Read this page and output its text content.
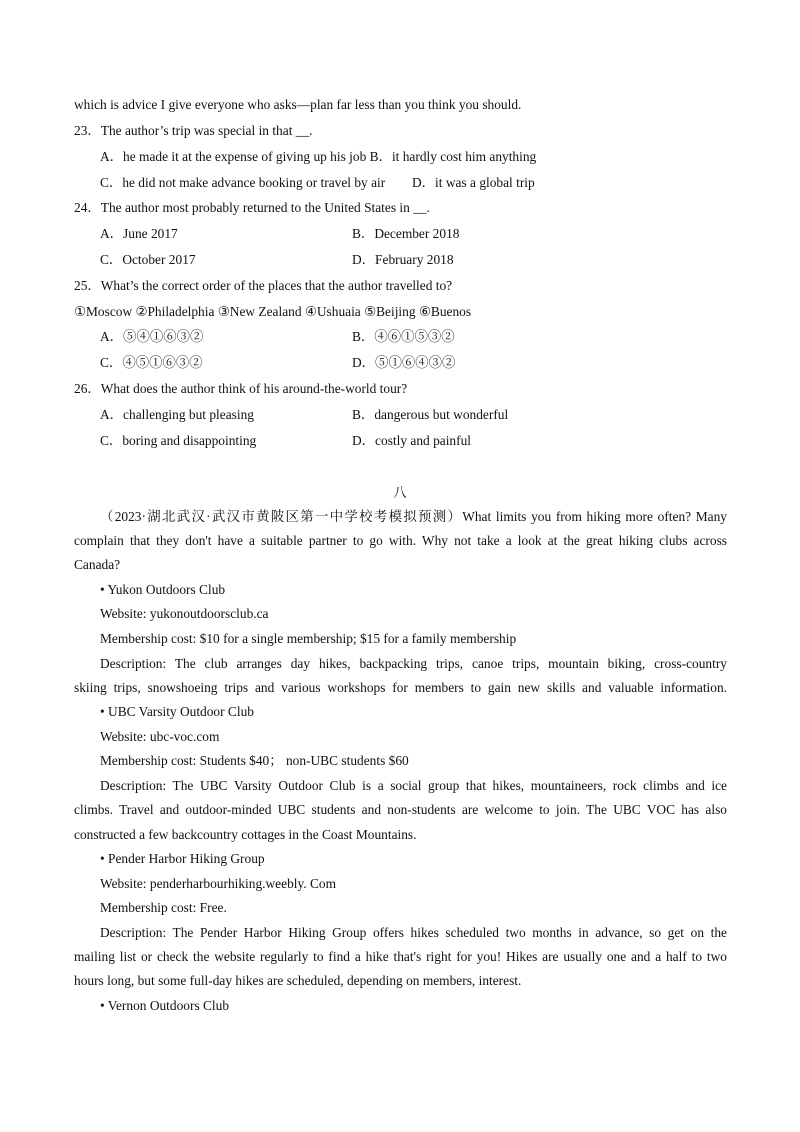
which is advice I give everyone who asks—plan far less than you think you should.
23．The author’s trip was special in that __.
A．he made it at the expense of giving up his job B．it hardly cost him anything
C．he did not make advance booking or travel by air D．it was a global trip
24．The author most probably returned to the United States in __.
A．June 2017	B．December 2018
C．October 2017	D．February 2018
25．What’s the correct order of the places that the author travelled to?
①Moscow ②Philadelphia ③New Zealand ④Ushuaia ⑤Beijing ⑥Buenos
A．⑤④①⑥③②	B．④⑥①⑤③②
C．④⑤①⑥③②	D．⑤①⑥④③②
26．What does the author think of his around-the-world tour?
A．challenging but pleasing	B．dangerous but wonderful
C．boring and disappointing	D．costly and painful
八
（2023·湖北武汉·武汉市黄陂区第一中学校考模拟预测）What limits you from hiking more often? Many
complain that they don't have a suitable partner to go with. Why not take a look at the great hiking clubs across
Canada?
• Yukon Outdoors Club
Website: yukonoutdoorsclub.ca
Membership cost: $10 for a single membership; $15 for a family membership
Description: The club arranges day hikes, backpacking trips, canoe trips, mountain biking, cross-country
skiing trips, snowshoeing trips and various workshops for members to gain new skills and valuable information.
• UBC Varsity Outdoor Club
Website: ubc-voc.com
Membership cost: Students $40； non-UBC students $60
Description: The UBC Varsity Outdoor Club is a social group that hikes, mountaineers, rock climbs and ice
climbs. Travel and outdoor-minded UBC students and non-students are welcome to join. The UBC VOC has also
constructed a few backcountry cottages in the Coast Mountains.
• Pender Harbor Hiking Group
Website: penderharbourhiking.weebly. Com
Membership cost: Free.
Description: The Pender Harbor Hiking Group offers hikes scheduled two months in advance, so get on the
mailing list or check the website regularly to find a hike that's right for you! Hikes are usually one and a half to two
hours long, but some full-day hikes are scheduled, depending on members, interest.
• Vernon Outdoors Club
